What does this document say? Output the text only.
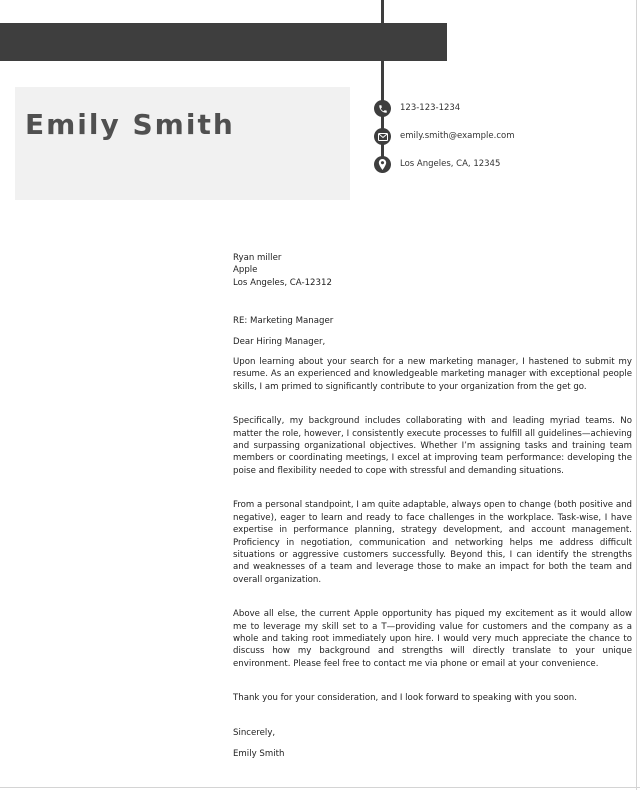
Emily Smith	123-123-1234
emily.smith@example.com
Los Angeles, CA, 12345
Ryan miller
Apple
Los Angeles, CA-12312

RE: Marketing Manager

Dear Hiring Manager,

Upon learning about your search for a new marketing manager, I hastened to submit my resume. As an experienced and knowledgeable marketing manager with exceptional people skills, I am primed to significantly contribute to your organization from the get go.

Specifically, my background includes collaborating with and leading myriad teams. No matter the role, however, I consistently execute processes to fulfill all guidelines—achieving and surpassing organizational objectives. Whether I’m assigning tasks and training team members or coordinating meetings, I excel at improving team performance: developing the poise and flexibility needed to cope with stressful and demanding situations.

From a personal standpoint, I am quite adaptable, always open to change (both positive and negative), eager to learn and ready to face challenges in the workplace. Task-wise, I have expertise in performance planning, strategy development, and account management. Proficiency in negotiation, communication and networking helps me address difficult situations or aggressive customers successfully. Beyond this, I can identify the strengths and weaknesses of a team and leverage those to make an impact for both the team and overall organization.

Above all else, the current Apple opportunity has piqued my excitement as it would allow me to leverage my skill set to a T—providing value for customers and the company as a whole and taking root immediately upon hire. I would very much appreciate the chance to discuss how my background and strengths will directly translate to your unique environment. Please feel free to contact me via phone or email at your convenience.

Thank you for your consideration, and I look forward to speaking with you soon.

Sincerely,

Emily Smith
